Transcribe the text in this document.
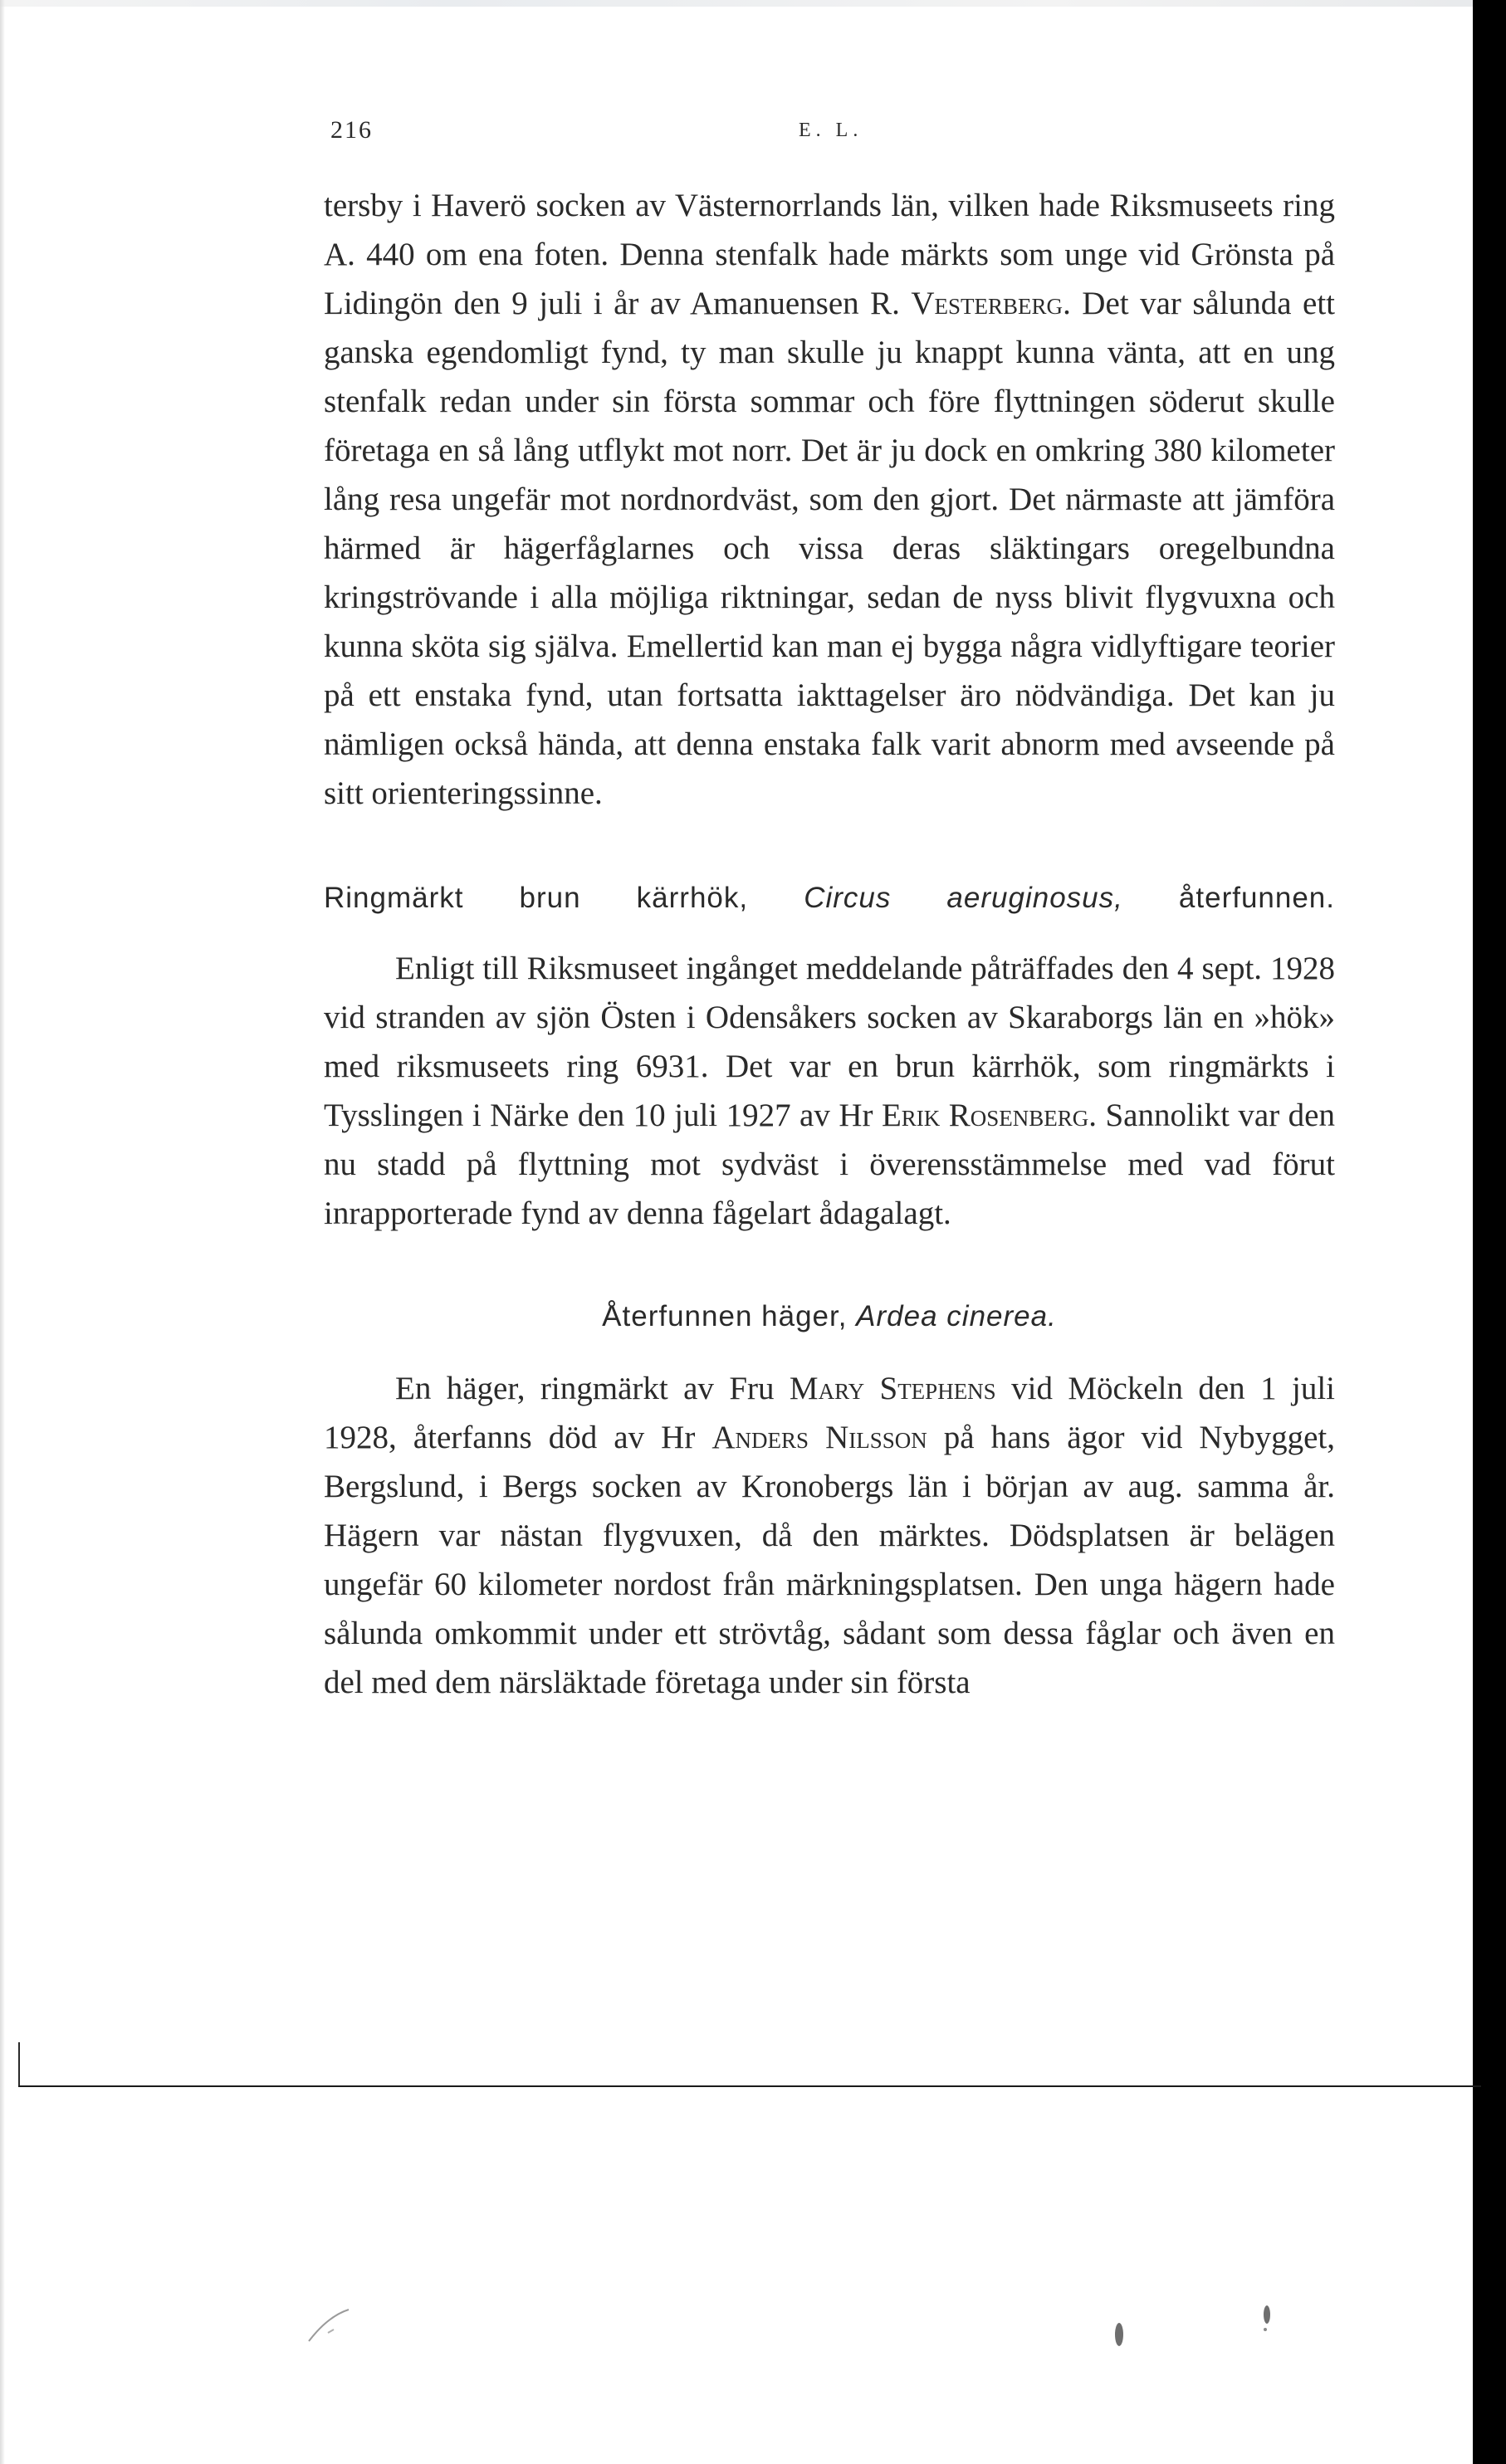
216	E. L.

tersby i Haverö socken av Västernorrlands län, vilken hade Riksmuseets ring A. 440 om ena foten. Denna stenfalk hade märkts som unge vid Grönsta på Lidingön den 9 juli i år av Amanuensen R. Vesterberg. Det var sålunda ett ganska egendomligt fynd, ty man skulle ju knappt kunna vänta, att en ung stenfalk redan under sin första sommar och före flyttningen söderut skulle företaga en så lång utflykt mot norr. Det är ju dock en omkring 380 kilometer lång resa ungefär mot nordnordväst, som den gjort. Det närmaste att jämföra härmed är hägerfåglarnes och vissa deras släktingars oregelbundna kringströvande i alla möjliga riktningar, sedan de nyss blivit flygvuxna och kunna sköta sig själva. Emellertid kan man ej bygga några vidlyftigare teorier på ett enstaka fynd, utan fortsatta iakttagelser äro nödvändiga. Det kan ju nämligen också hända, att denna enstaka falk varit abnorm med avseende på sitt orienteringssinne.

Ringmärkt brun kärrhök, Circus aeruginosus, återfunnen.

Enligt till Riksmuseet ingånget meddelande påträffades den 4 sept. 1928 vid stranden av sjön Östen i Odensåkers socken av Skaraborgs län en »hök» med riksmuseets ring 6931. Det var en brun kärrhök, som ringmärkts i Tysslingen i Närke den 10 juli 1927 av Hr Erik Rosenberg. Sannolikt var den nu stadd på flyttning mot sydväst i överensstämmelse med vad förut inrapporterade fynd av denna fågelart ådagalagt.

Återfunnen häger, Ardea cinerea.

En häger, ringmärkt av Fru Mary Stephens vid Möckeln den 1 juli 1928, återfanns död av Hr Anders Nilsson på hans ägor vid Nybygget, Bergslund, i Bergs socken av Kronobergs län i början av aug. samma år. Hägern var nästan flygvuxen, då den märktes. Dödsplatsen är belägen ungefär 60 kilometer nordost från märkningsplatsen. Den unga hägern hade sålunda omkommit under ett strövtåg, sådant som dessa fåglar och även en del med dem närsläktade företaga under sin första
